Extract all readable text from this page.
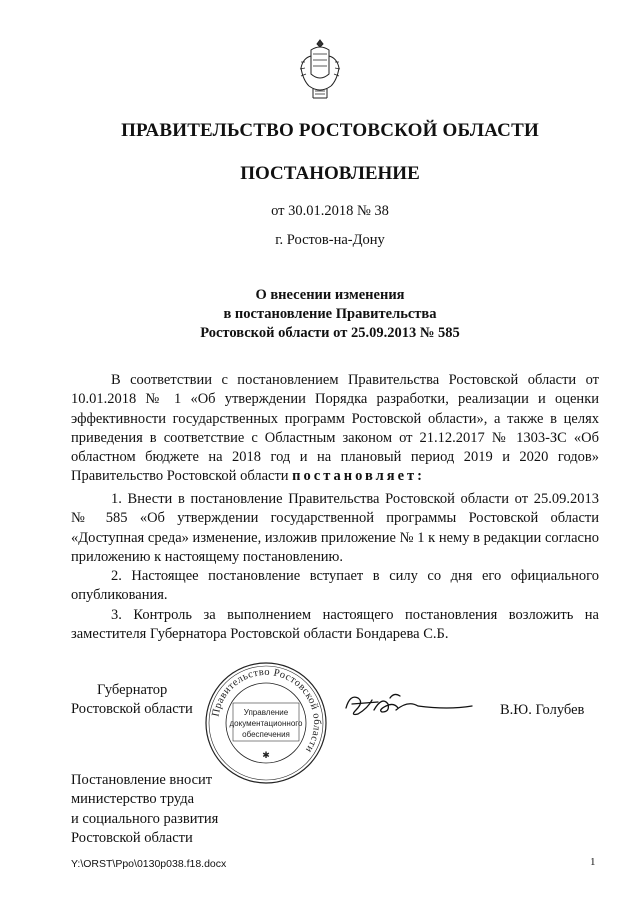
ПРАВИТЕЛЬСТВО РОСТОВСКОЙ ОБЛАСТИ
ПОСТАНОВЛЕНИЕ
от 30.01.2018 № 38
г. Ростов-на-Дону
О внесении изменения
в постановление Правительства
Ростовской области от 25.09.2013 № 585
В соответствии с постановлением Правительства Ростовской области от 10.01.2018 № 1 «Об утверждении Порядка разработки, реализации и оценки эффективности государственных программ Ростовской области», а также в целях приведения в соответствие с Областным законом от 21.12.2017 № 1303-ЗС «Об областном бюджете на 2018 год и на плановый период 2019 и 2020 годов» Правительство Ростовской области постановляет:

1. Внести в постановление Правительства Ростовской области от 25.09.2013 № 585 «Об утверждении государственной программы Ростовской области «Доступная среда» изменение, изложив приложение № 1 к нему в редакции согласно приложению к настоящему постановлению.

2. Настоящее постановление вступает в силу со дня его официального опубликования.

3. Контроль за выполнением настоящего постановления возложить на заместителя Губернатора Ростовской области Бондарева С.Б.

Губернатор
Ростовской области	Правительство Ростовской области
Управление
документационного
обеспечения
✱
В.Ю. Голубев
Постановление вносит
министерство труда
и социального развития
Ростовской области
Y:\ORST\Ppo\0130p038.f18.docx	1
